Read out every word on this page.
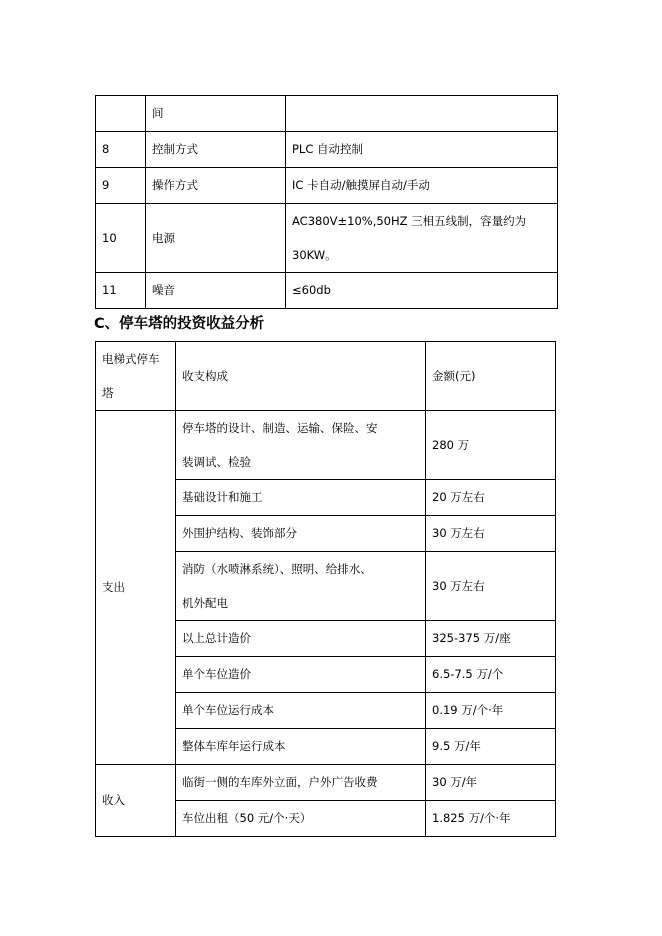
	间	
8	控制方式	PLC 自动控制
9	操作方式	IC 卡自动/触摸屏自动/手动
10	电源	AC380V±10%,50HZ 三相五线制，容量约为
30KW。

11	噪音	≤60db
C、停车塔的投资收益分析
电梯式停车
塔	收支构成	金额(元)
支出	停车塔的设计、制造、运输、保险、安
装调试、检验	280 万
	基础设计和施工	20 万左右
	外围护结构、装饰部分	30 万左右

	消防（水喷淋系统）、照明、给排水、
机外配电	30 万左右
	以上总计造价	325-375 万/座
	单个车位造价	6.5-7.5 万/个
	单个车位运行成本	0.19 万/个·年
	整体车库年运行成本	9.5 万/年
收入	临街一侧的车库外立面，户外广告收费	30 万/年
	车位出租（50 元/个·天）	1.825 万/个·年
